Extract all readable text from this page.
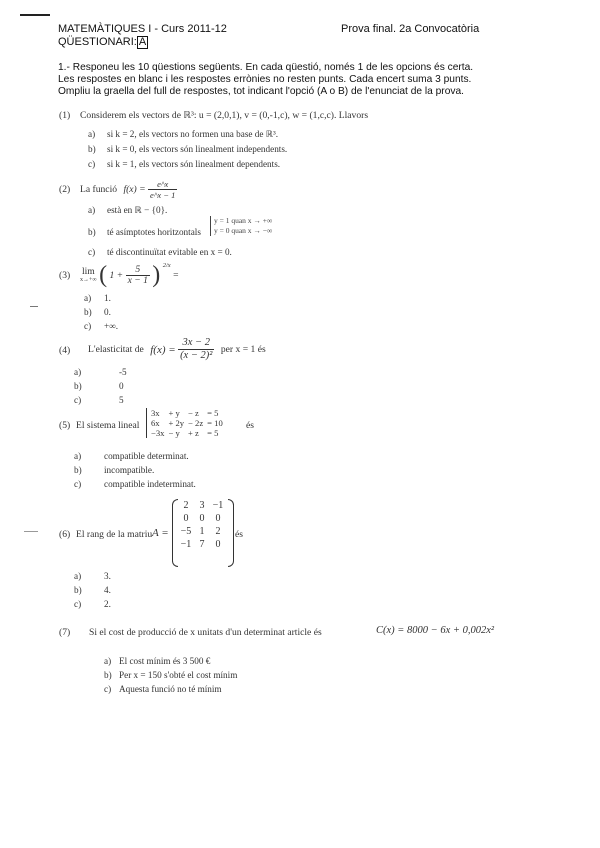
MATEMÀTIQUES I - Curs 2011-12	Prova final. 2a Convocatòria
QÜESTIONARI: A
1.- Responeu les 10 qüestions següents. En cada qüestió, només 1 de les opcions és certa.
Les respostes en blanc i les respostes errònies no resten punts. Cada encert suma 3 punts.
Ompliu la graella del full de respostes, tot indicant l'opció (A o B) de l'enunciat de la prova.
(1) Considerem els vectors de ℝ³: u = (2,0,1), v = (0,-1,c), w = (1,c,c). Llavors
a) si k = 2, els vectors no formen una base de ℝ³.
b) si k = 0, els vectors són linealment independents.
c) si k = 1, els vectors són linealment dependents.
(2) La funció $f(x) = \frac{e\^{}x}{e\^{}x - 1}$
a) està en ℝ − {0}.
b) té asímptotes horitzontals
y = 1 quan x → +∞
y = 0 quan x → −∞
c) té discontinuïtat evitable en x = 0.
(3) lim
x→+∞ ( $1 + \frac{5}{x - 1}$ ) $^{2/x}$ =
a) 1.
b) 0.
c) +∞.
(4) L'elasticitat de $f(x) = \frac{3x - 2}{\text{(x − 2)²}}$ per x = 1 és
a)	-5
b)	0
c)	5
(5) El sistema lineal
3x	+ y	− z	= 5
6x	+ 2y	− 2z	= 10
−3x	− y	+ z	= 5
és
a) compatible determinat.
b) incompatible.
c) compatible indeterminat.
(6) El rang de la matriu A =
2	3	−1
0	0	0
−5	1	2
−1	7	0
és
a) 3.
b) 4.
c) 2.
(7) Si el cost de producció de x unitats d'un determinat article és	C(x) = 8000 − 6x + 0,002x²
a) El cost mínim és 3 500 €
b) Per x = 150 s'obté el cost mínim
c) Aquesta funció no té mínim
